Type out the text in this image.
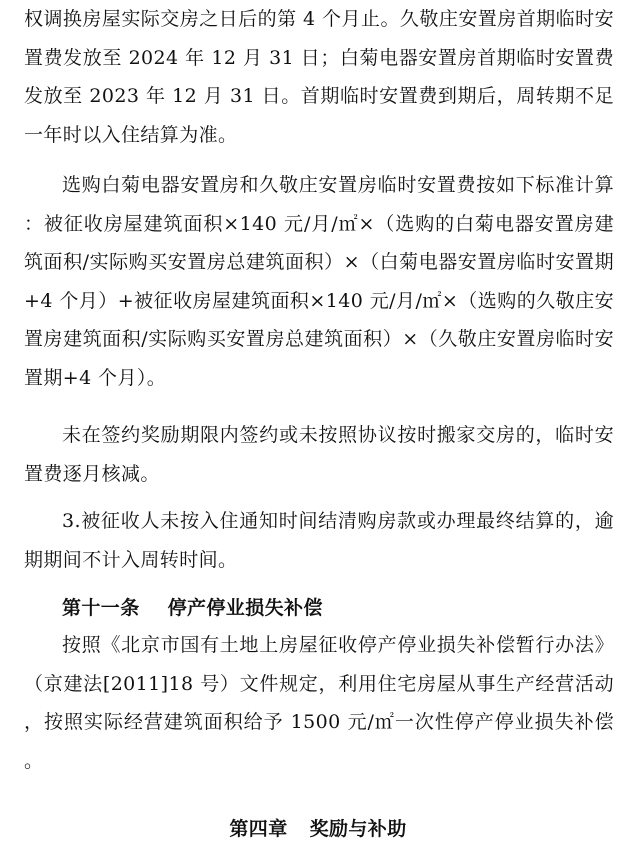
权调换房屋实际交房之日后的第 4 个月止。久敬庄安置房首期临时安置费发放至 2024 年 12 月 31 日；白菊电器安置房首期临时安置费发放至 2023 年 12 月 31 日。首期临时安置费到期后，周转期不足一年时以入住结算为准。

选购白菊电器安置房和久敬庄安置房临时安置费按如下标准计算：被征收房屋建筑面积×140 元/月/㎡×（选购的白菊电器安置房建筑面积/实际购买安置房总建筑面积）×（白菊电器安置房临时安置期+4 个月）+被征收房屋建筑面积×140 元/月/㎡×（选购的久敬庄安置房建筑面积/实际购买安置房总建筑面积）×（久敬庄安置房临时安置期+4 个月）。

未在签约奖励期限内签约或未按照协议按时搬家交房的，临时安置费逐月核减。

3.被征收人未按入住通知时间结清购房款或办理最终结算的，逾期期间不计入周转时间。

第十一条 停产停业损失补偿

按照《北京市国有土地上房屋征收停产停业损失补偿暂行办法》（京建法[2011]18 号）文件规定，利用住宅房屋从事生产经营活动，按照实际经营建筑面积给予 1500 元/㎡一次性停产停业损失补偿。

第四章 奖励与补助
